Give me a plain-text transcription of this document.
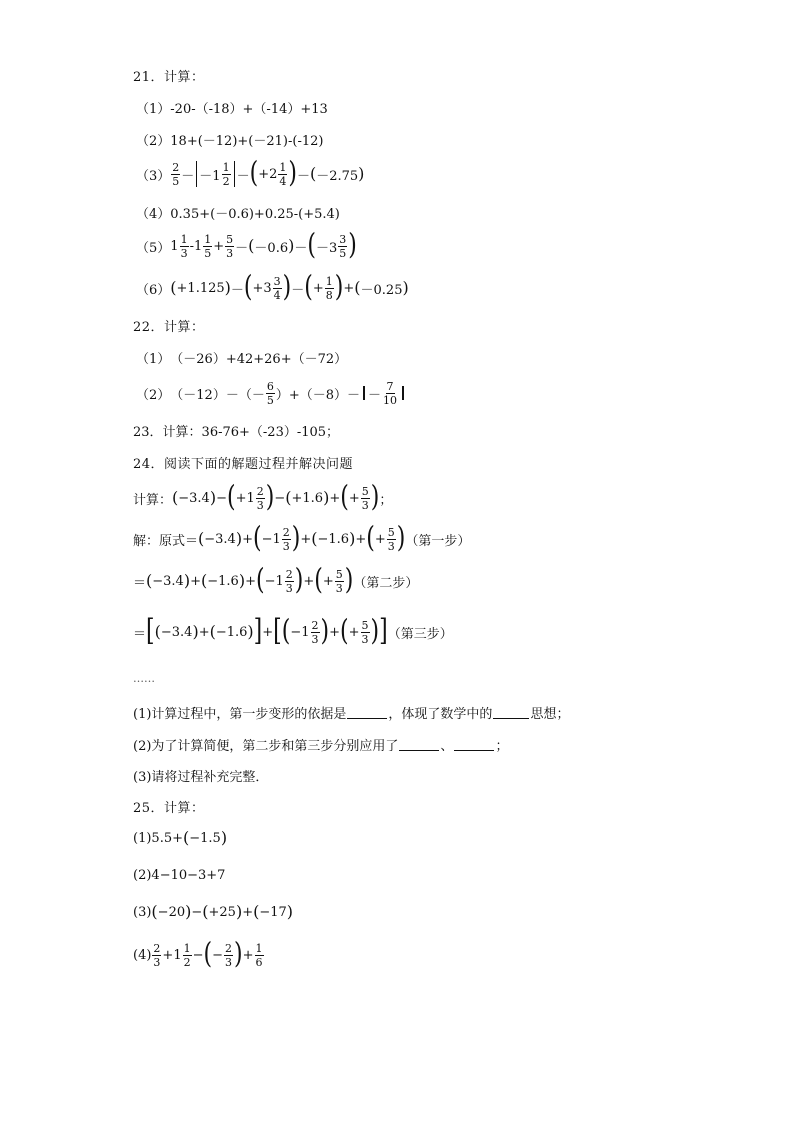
21．计算：
（1） -20-（-18）+（-14）+13
（2） 18+(－12)+(－21)-(-12)
$(3) \frac{2}{5} - -1 \frac{1}{2}$ － ( $+2 \frac{1}{4}$ ) － ( －2.75 )
（4） 0.35+(－0.6)+0.25-(+5.4)
（5） $1 \frac{1}{3} - 1 \frac{1}{5} + \frac{5}{3}$ － ( －0.6 ) － ( $-3 \frac{3}{5}$ )
（6） ( +1.125 ) － ( $+3 \frac{3}{4}$ ) － ( + $\frac{1}{8}$ ) + ( －0.25 )
22．计算：
（1） （－26）+42+26+（－72）
（2） $(-12)-(- \frac{6}{5} )+(-8)- - \frac{7}{10}$
23．计算：36-76+（-23）-105；
24．阅读下面的解题过程并解决问题
计算： ( −3.4 ) − ( $+1 \frac{2}{3}$ ) − ( +1.6 ) + ( + $\frac{5}{3}$ ) ；
解：原式＝ ( −3.4 ) + ( $-1 \frac{2}{3}$ ) + ( −1.6 ) + ( + $\frac{5}{3}$ ) （第一步）
＝ ( −3.4 ) + ( −1.6 ) + ( $-1 \frac{2}{3}$ ) + ( + $\frac{5}{3}$ ) （第二步）
＝ [ ( −3.4 ) + ( −1.6 ) ] + [ ( $-1 \frac{2}{3}$ ) + ( + $\frac{5}{3}$ ) ] （第三步）
……
(1)计算过程中，第一步变形的依据是	，体现了数学中的	思想；
(2)为了计算简便，第二步和第三步分别应用了	、	；
(3)请将过程补充完整．
25．计算：
(1) 5.5+ ( −1.5 )
(2) 4−10−3+7
(3) ( −20 ) − ( +25 ) + ( −17 )
$(4) \frac{2}{3} +1 \frac{1}{2}$ − ( − $\frac{2}{3}$ ) + $\frac{1}{6}$
